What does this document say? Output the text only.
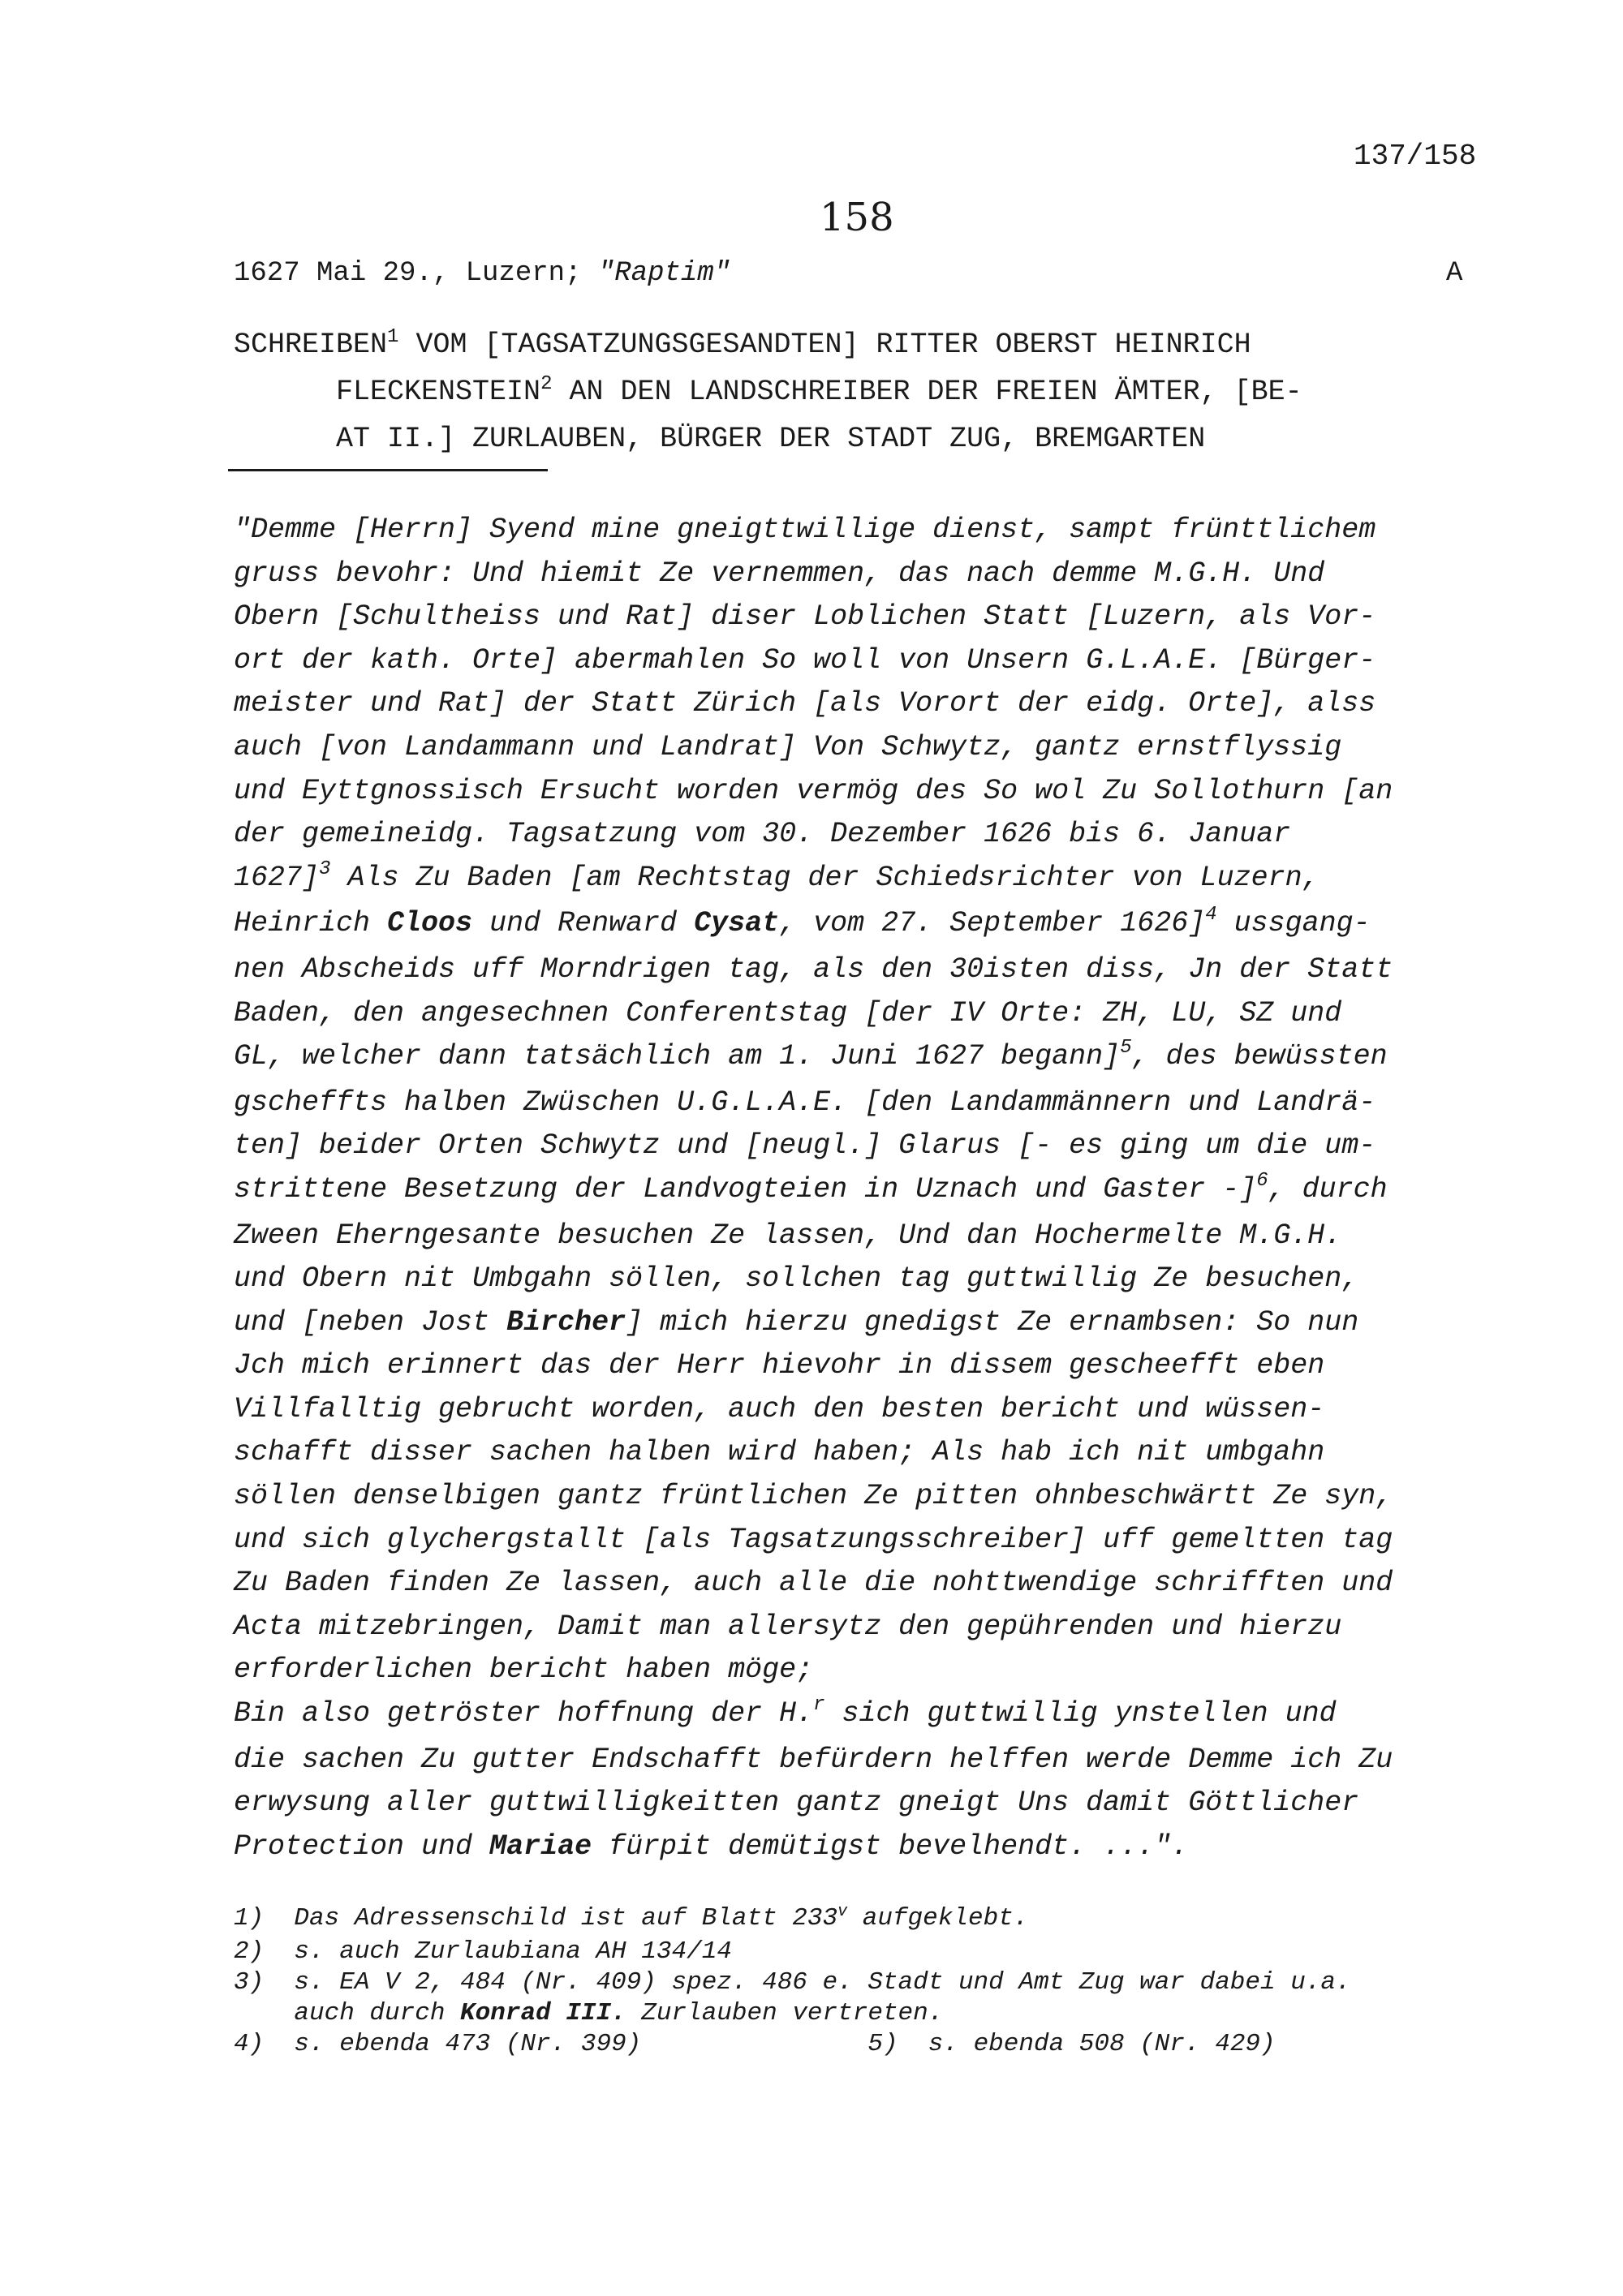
137/158
158
1627 Mai 29., Luzern; "Raptim"	A
SCHREIBEN$^1$ VOM [TAGSATZUNGSGESANDTEN] RITTER OBERST HEINRICH
FLECKENSTEIN$^2$ AN DEN LANDSCHREIBER DER FREIEN ÄMTER, [BE-
AT II.] ZURLAUBEN, BÜRGER DER STADT ZUG, BREMGARTEN
"Demme [Herrn] Syend mine gneigttwillige dienst, sampt frünttlichem
gruss bevohr: Und hiemit Ze vernemmen, das nach demme M.G.H. Und
Obern [Schultheiss und Rat] diser Loblichen Statt [Luzern, als Vor-
ort der kath. Orte] abermahlen So woll von Unsern G.L.A.E. [Bürger-
meister und Rat] der Statt Zürich [als Vorort der eidg. Orte], alss
auch [von Landammann und Landrat] Von Schwytz, gantz ernstflyssig
und Eyttgnossisch Ersucht worden vermög des So wol Zu Sollothurn [an
der gemeineidg. Tagsatzung vom 30. Dezember 1626 bis 6. Januar
1627]$^3$ Als Zu Baden [am Rechtstag der Schiedsrichter von Luzern,
Heinrich Cloos und Renward Cysat, vom 27. September 1626]$^4$ ussgang-
nen Abscheids uff Morndrigen tag, als den 30isten diss, Jn der Statt
Baden, den angesechnen Conferentstag [der IV Orte: ZH, LU, SZ und
GL, welcher dann tatsächlich am 1. Juni 1627 begann]$^5$, des bewüssten
gscheffts halben Zwüschen U.G.L.A.E. [den Landammännern und Landrä-
ten] beider Orten Schwytz und [neugl.] Glarus [- es ging um die um-
strittene Besetzung der Landvogteien in Uznach und Gaster -]$^6$, durch
Zween Eherngesante besuchen Ze lassen, Und dan Hochermelte M.G.H.
und Obern nit Umbgahn söllen, sollchen tag guttwillig Ze besuchen,
und [neben Jost Bircher] mich hierzu gnedigst Ze ernambsen: So nun
Jch mich erinnert das der Herr hievohr in dissem gescheefft eben
Villfalltig gebrucht worden, auch den besten bericht und wüssen-
schafft disser sachen halben wird haben; Als hab ich nit umbgahn
söllen denselbigen gantz früntlichen Ze pitten ohnbeschwärtt Ze syn,
und sich glychergstallt [als Tagsatzungsschreiber] uff gemeltten tag
Zu Baden finden Ze lassen, auch alle die nohttwendige schrifften und
Acta mitzebringen, Damit man allersytz den gepührenden und hierzu
erforderlichen bericht haben möge;
Bin also getröster hoffnung der H.$^r$ sich guttwillig ynstellen und
die sachen Zu gutter Endschafft befürdern helffen werde Demme ich Zu
erwysung aller guttwilligkeitten gantz gneigt Uns damit Göttlicher
Protection und Mariae fürpit demütigst bevelhendt. ...".
1)  Das Adressenschild ist auf Blatt 233$^v$ aufgeklebt.
2)  s. auch Zurlaubiana AH 134/14
3)  s. EA V 2, 484 (Nr. 409) spez. 486 e. Stadt und Amt Zug war dabei u.a.
auch durch Konrad III. Zurlauben vertreten.
4)  s. ebenda 473 (Nr. 399)	5)  s. ebenda 508 (Nr. 429)
